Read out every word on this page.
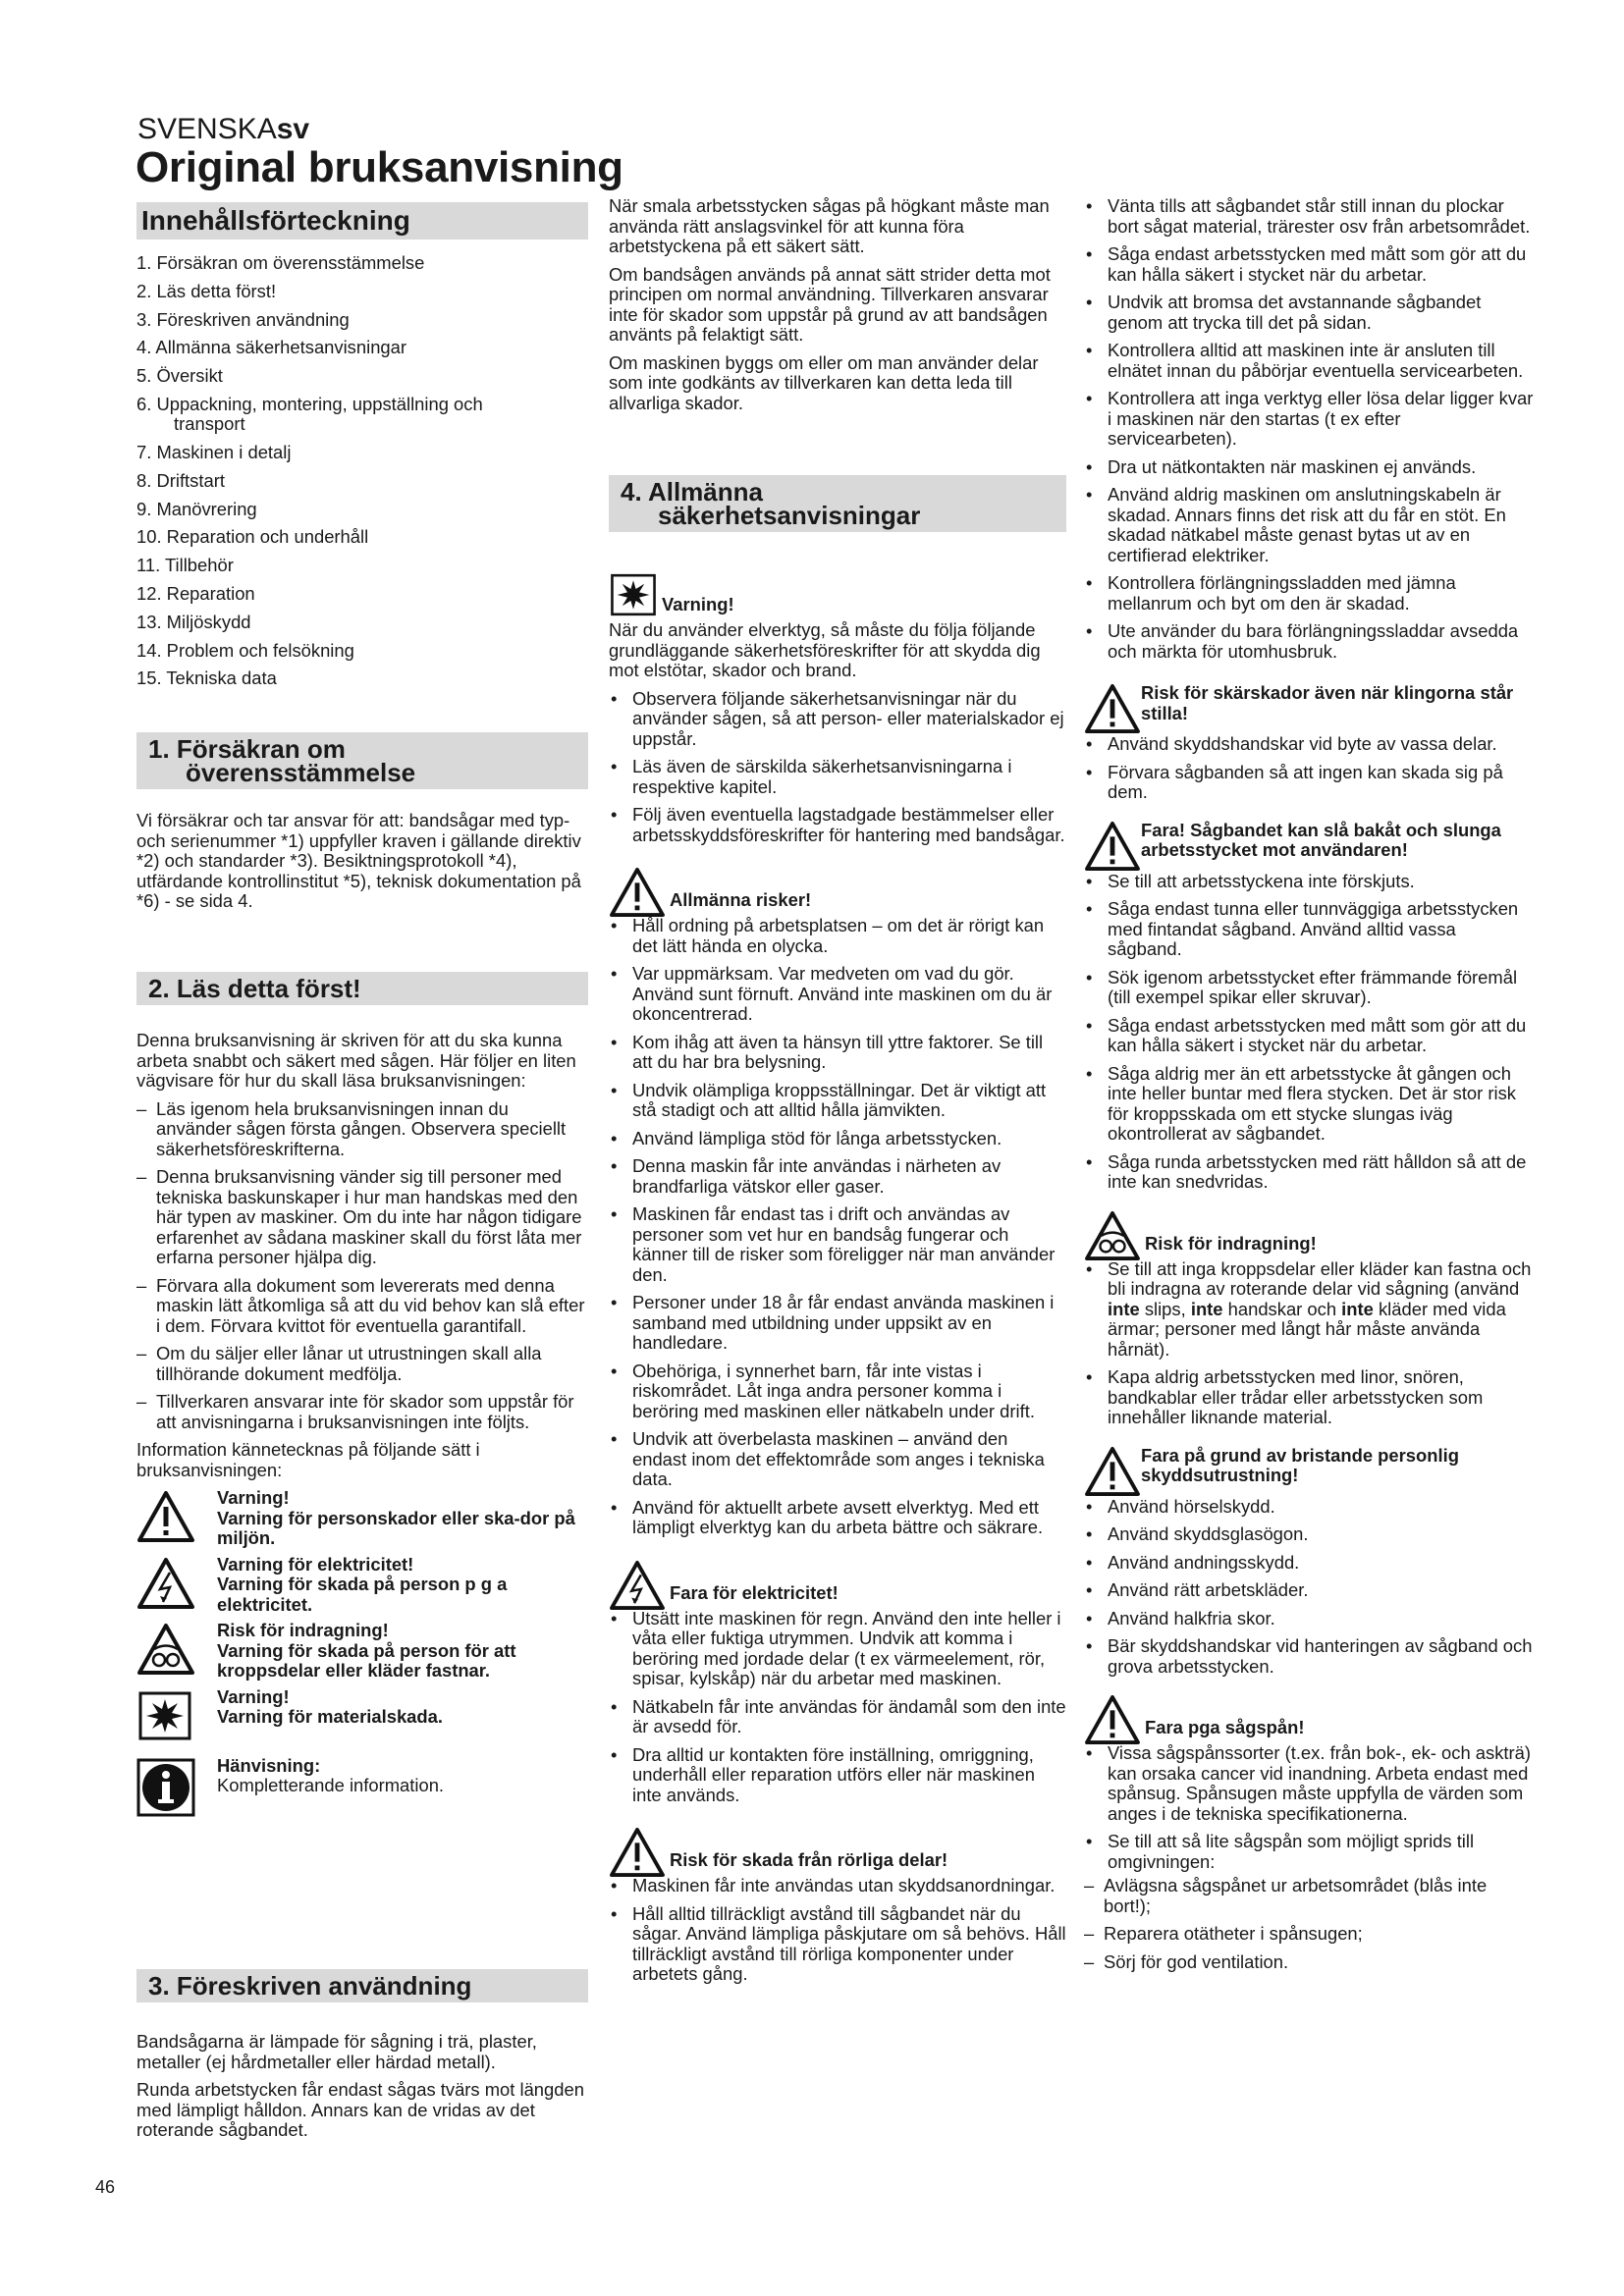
SVENSKAsv
Original bruksanvisning
Innehållsförteckning
1. Försäkran om överensstämmelse
2. Läs detta först!
3. Föreskriven användning
4. Allmänna säkerhetsanvisningar
5. Översikt
6. Uppackning, montering, uppställning och
transport
7. Maskinen i detalj
8. Driftstart
9. Manövrering
10. Reparation och underhåll
11. Tillbehör
12. Reparation
13. Miljöskydd
14. Problem och felsökning
15. Tekniska data
1. Försäkran om
överensstämmelse

Vi försäkrar och tar ansvar för att: bandsågar med typ- och serienummer *1) uppfyller kraven i gällande direktiv *2) och standarder *3). Besiktningsprotokoll *4), utfärdande kontrollinstitut *5), teknisk dokumentation på *6) - se sida 4.

2. Läs detta först!

Denna bruksanvisning är skriven för att du ska kunna arbeta snabbt och säkert med sågen. Här följer en liten vägvisare för hur du skall läsa bruksanvisningen:

– Läs igenom hela bruksanvisningen innan du använder sågen första gången. Observera speciellt säkerhetsföreskrifterna.
– Denna bruksanvisning vänder sig till personer med tekniska baskunskaper i hur man handskas med den här typen av maskiner. Om du inte har någon tidigare erfarenhet av sådana maskiner skall du först låta mer erfarna personer hjälpa dig.
– Förvara alla dokument som levererats med denna maskin lätt åtkomliga så att du vid behov kan slå efter i dem. Förvara kvittot för eventuella garantifall.
– Om du säljer eller lånar ut utrustningen skall alla tillhörande dokument medfölja.
– Tillverkaren ansvarar inte för skador som uppstår för att anvisningarna i bruksanvisningen inte följts.

Information kännetecknas på följande sätt i bruksanvisningen:

Varning!
Varning för personskador eller ska-dor på miljön.
Varning för elektricitet!
Varning för skada på person p g a elektricitet.
Risk för indragning!
Varning för skada på person för att kroppsdelar eller kläder fastnar.
Varning!
Varning för materialskada.
Hänvisning:
Kompletterande information.
3. Föreskriven användning

Bandsågarna är lämpade för sågning i trä, plaster, metaller (ej hårdmetaller eller härdad metall).

Runda arbetstycken får endast sågas tvärs mot längden med lämpligt hålldon. Annars kan de vridas av det roterande sågbandet.

När smala arbetsstycken sågas på högkant måste man använda rätt anslagsvinkel för att kunna föra arbetstyckena på ett säkert sätt.

Om bandsågen används på annat sätt strider detta mot principen om normal användning. Tillverkaren ansvarar inte för skador som uppstår på grund av att bandsågen använts på felaktigt sätt.

Om maskinen byggs om eller om man använder delar som inte godkänts av tillverkaren kan detta leda till allvarliga skador.

4. Allmänna
säkerhetsanvisningar
Varning!

När du använder elverktyg, så måste du följa följande grundläggande säkerhetsföreskrifter för att skydda dig mot elstötar, skador och brand.

• Observera följande säkerhetsanvisningar när du använder sågen, så att person- eller materialskador ej uppstår.
• Läs även de särskilda säkerhetsanvisningarna i respektive kapitel.
• Följ även eventuella lagstadgade bestämmelser eller arbetsskyddsföreskrifter för hantering med bandsågar.
Allmänna risker!
• Håll ordning på arbetsplatsen – om det är rörigt kan det lätt hända en olycka.
• Var uppmärksam. Var medveten om vad du gör. Använd sunt förnuft. Använd inte maskinen om du är okoncentrerad.
• Kom ihåg att även ta hänsyn till yttre faktorer. Se till att du har bra belysning.
• Undvik olämpliga kroppsställningar. Det är viktigt att stå stadigt och att alltid hålla jämvikten.
• Använd lämpliga stöd för långa arbetsstycken.
• Denna maskin får inte användas i närheten av brandfarliga vätskor eller gaser.
• Maskinen får endast tas i drift och användas av personer som vet hur en bandsåg fungerar och känner till de risker som föreligger när man använder den.
• Personer under 18 år får endast använda maskinen i samband med utbildning under uppsikt av en handledare.
• Obehöriga, i synnerhet barn, får inte vistas i riskområdet. Låt inga andra personer komma i beröring med maskinen eller nätkabeln under drift.
• Undvik att överbelasta maskinen – använd den endast inom det effektområde som anges i tekniska data.
• Använd för aktuellt arbete avsett elverktyg. Med ett lämpligt elverktyg kan du arbeta bättre och säkrare.
Fara för elektricitet!
• Utsätt inte maskinen för regn. Använd den inte heller i våta eller fuktiga utrymmen. Undvik att komma i beröring med jordade delar (t ex värmeelement, rör, spisar, kylskåp) när du arbetar med maskinen.
• Nätkabeln får inte användas för ändamål som den inte är avsedd för.
• Dra alltid ur kontakten före inställning, omriggning, underhåll eller reparation utförs eller när maskinen inte används.
Risk för skada från rörliga delar!
• Maskinen får inte användas utan skyddsanordningar.
• Håll alltid tillräckligt avstånd till sågbandet när du sågar. Använd lämpliga påskjutare om så behövs. Håll tillräckligt avstånd till rörliga komponenter under arbetets gång.
• Vänta tills att sågbandet står still innan du plockar bort sågat material, trärester osv från arbetsområdet.
• Såga endast arbetsstycken med mått som gör att du kan hålla säkert i stycket när du arbetar.
• Undvik att bromsa det avstannande sågbandet genom att trycka till det på sidan.
• Kontrollera alltid att maskinen inte är ansluten till elnätet innan du påbörjar eventuella servicearbeten.
• Kontrollera att inga verktyg eller lösa delar ligger kvar i maskinen när den startas (t ex efter servicearbeten).
• Dra ut nätkontakten när maskinen ej används.
• Använd aldrig maskinen om anslutningskabeln är skadad. Annars finns det risk att du får en stöt. En skadad nätkabel måste genast bytas ut av en certifierad elektriker.
• Kontrollera förlängningssladden med jämna mellanrum och byt om den är skadad.
• Ute använder du bara förlängningssladdar avsedda och märkta för utomhusbruk.
Risk för skärskador även när klingorna står stilla!
• Använd skyddshandskar vid byte av vassa delar.
• Förvara sågbanden så att ingen kan skada sig på dem.
Fara! Sågbandet kan slå bakåt och slunga arbetsstycket mot användaren!
• Se till att arbetsstyckena inte förskjuts.
• Såga endast tunna eller tunnväggiga arbetsstycken med fintandat sågband. Använd alltid vassa sågband.
• Sök igenom arbetsstycket efter främmande föremål (till exempel spikar eller skruvar).
• Såga endast arbetsstycken med mått som gör att du kan hålla säkert i stycket när du arbetar.
• Såga aldrig mer än ett arbetsstycke åt gången och inte heller buntar med flera stycken. Det är stor risk för kroppsskada om ett stycke slungas iväg okontrollerat av sågbandet.
• Såga runda arbetsstycken med rätt hålldon så att de inte kan snedvridas.
Risk för indragning!
• Se till att inga kroppsdelar eller kläder kan fastna och bli indragna av roterande delar vid sågning (använd inte slips, inte handskar och inte kläder med vida ärmar; personer med långt hår måste använda hårnät).
• Kapa aldrig arbetsstycken med linor, snören, bandkablar eller trådar eller arbetsstycken som innehåller liknande material.
Fara på grund av bristande personlig skyddsutrustning!
• Använd hörselskydd.
• Använd skyddsglasögon.
• Använd andningsskydd.
• Använd rätt arbetskläder.
• Använd halkfria skor.
• Bär skyddshandskar vid hanteringen av sågband och grova arbetsstycken.
Fara pga sågspån!
• Vissa sågspånssorter (t.ex. från bok-, ek- och askträ) kan orsaka cancer vid inandning. Arbeta endast med spånsug. Spånsugen måste uppfylla de värden som anges i de tekniska specifikationerna.
• Se till att så lite sågspån som möjligt sprids till omgivningen:
– Avlägsna sågspånet ur arbetsområdet (blås inte bort!);
– Reparera otätheter i spånsugen;
– Sörj för god ventilation.
46
